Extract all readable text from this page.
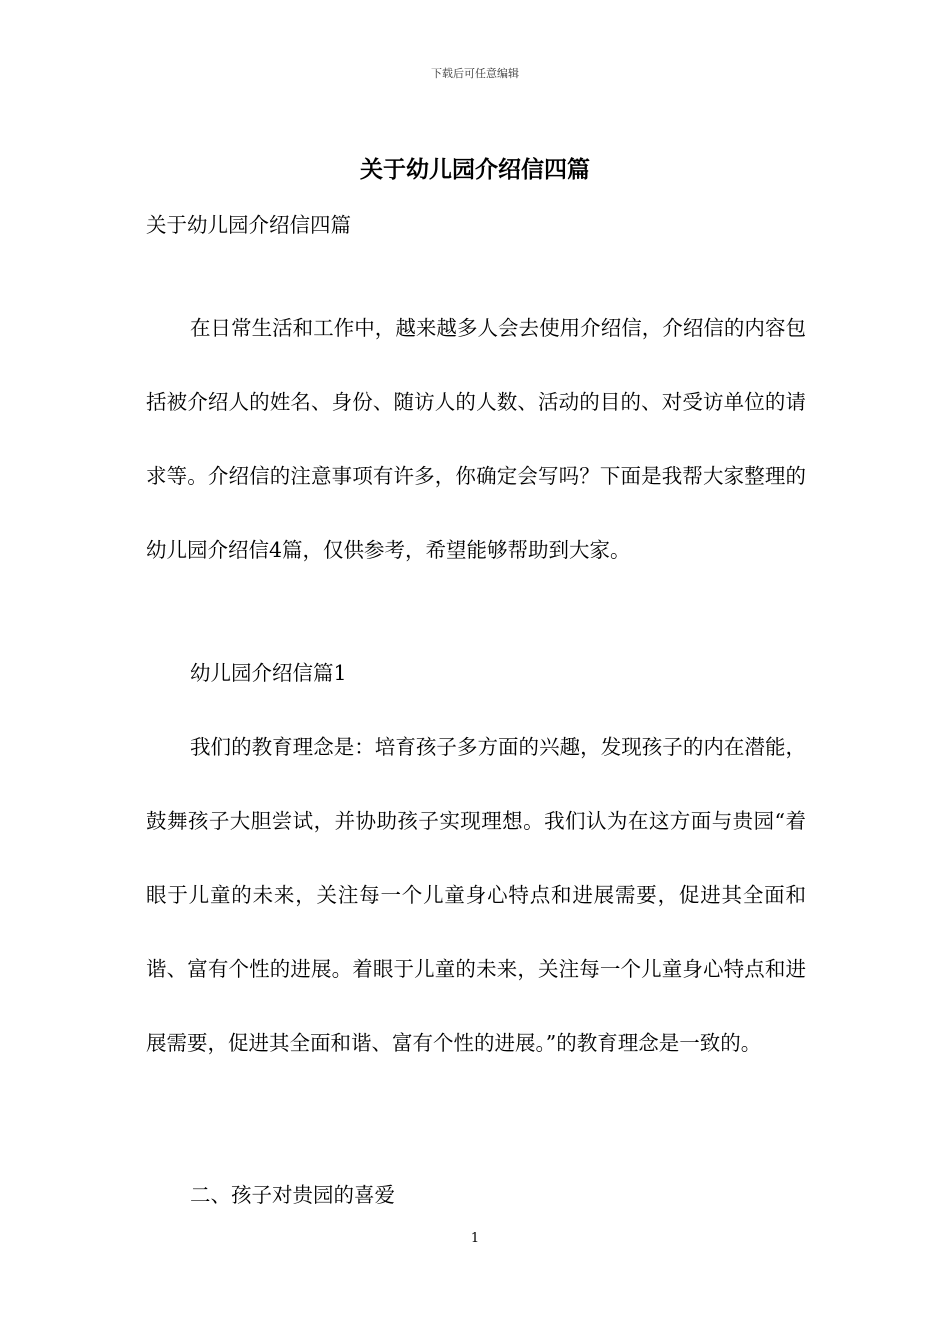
下载后可任意编辑
关于幼儿园介绍信四篇

关于幼儿园介绍信四篇

在日常生活和工作中，越来越多人会去使用介绍信，介绍信的内容包括被介绍人的姓名、身份、随访人的人数、活动的目的、对受访单位的请求等。介绍信的注意事项有许多，你确定会写吗？下面是我帮大家整理的幼儿园介绍信4篇，仅供参考，希望能够帮助到大家。

幼儿园介绍信篇1

我们的教育理念是：培育孩子多方面的兴趣，发现孩子的内在潜能，鼓舞孩子大胆尝试，并协助孩子实现理想。我们认为在这方面与贵园“着眼于儿童的未来，关注每一个儿童身心特点和进展需要，促进其全面和谐、富有个性的进展。着眼于儿童的未来，关注每一个儿童身心特点和进展需要，促进其全面和谐、富有个性的进展。”的教育理念是一致的。

二、孩子对贵园的喜爱

1
